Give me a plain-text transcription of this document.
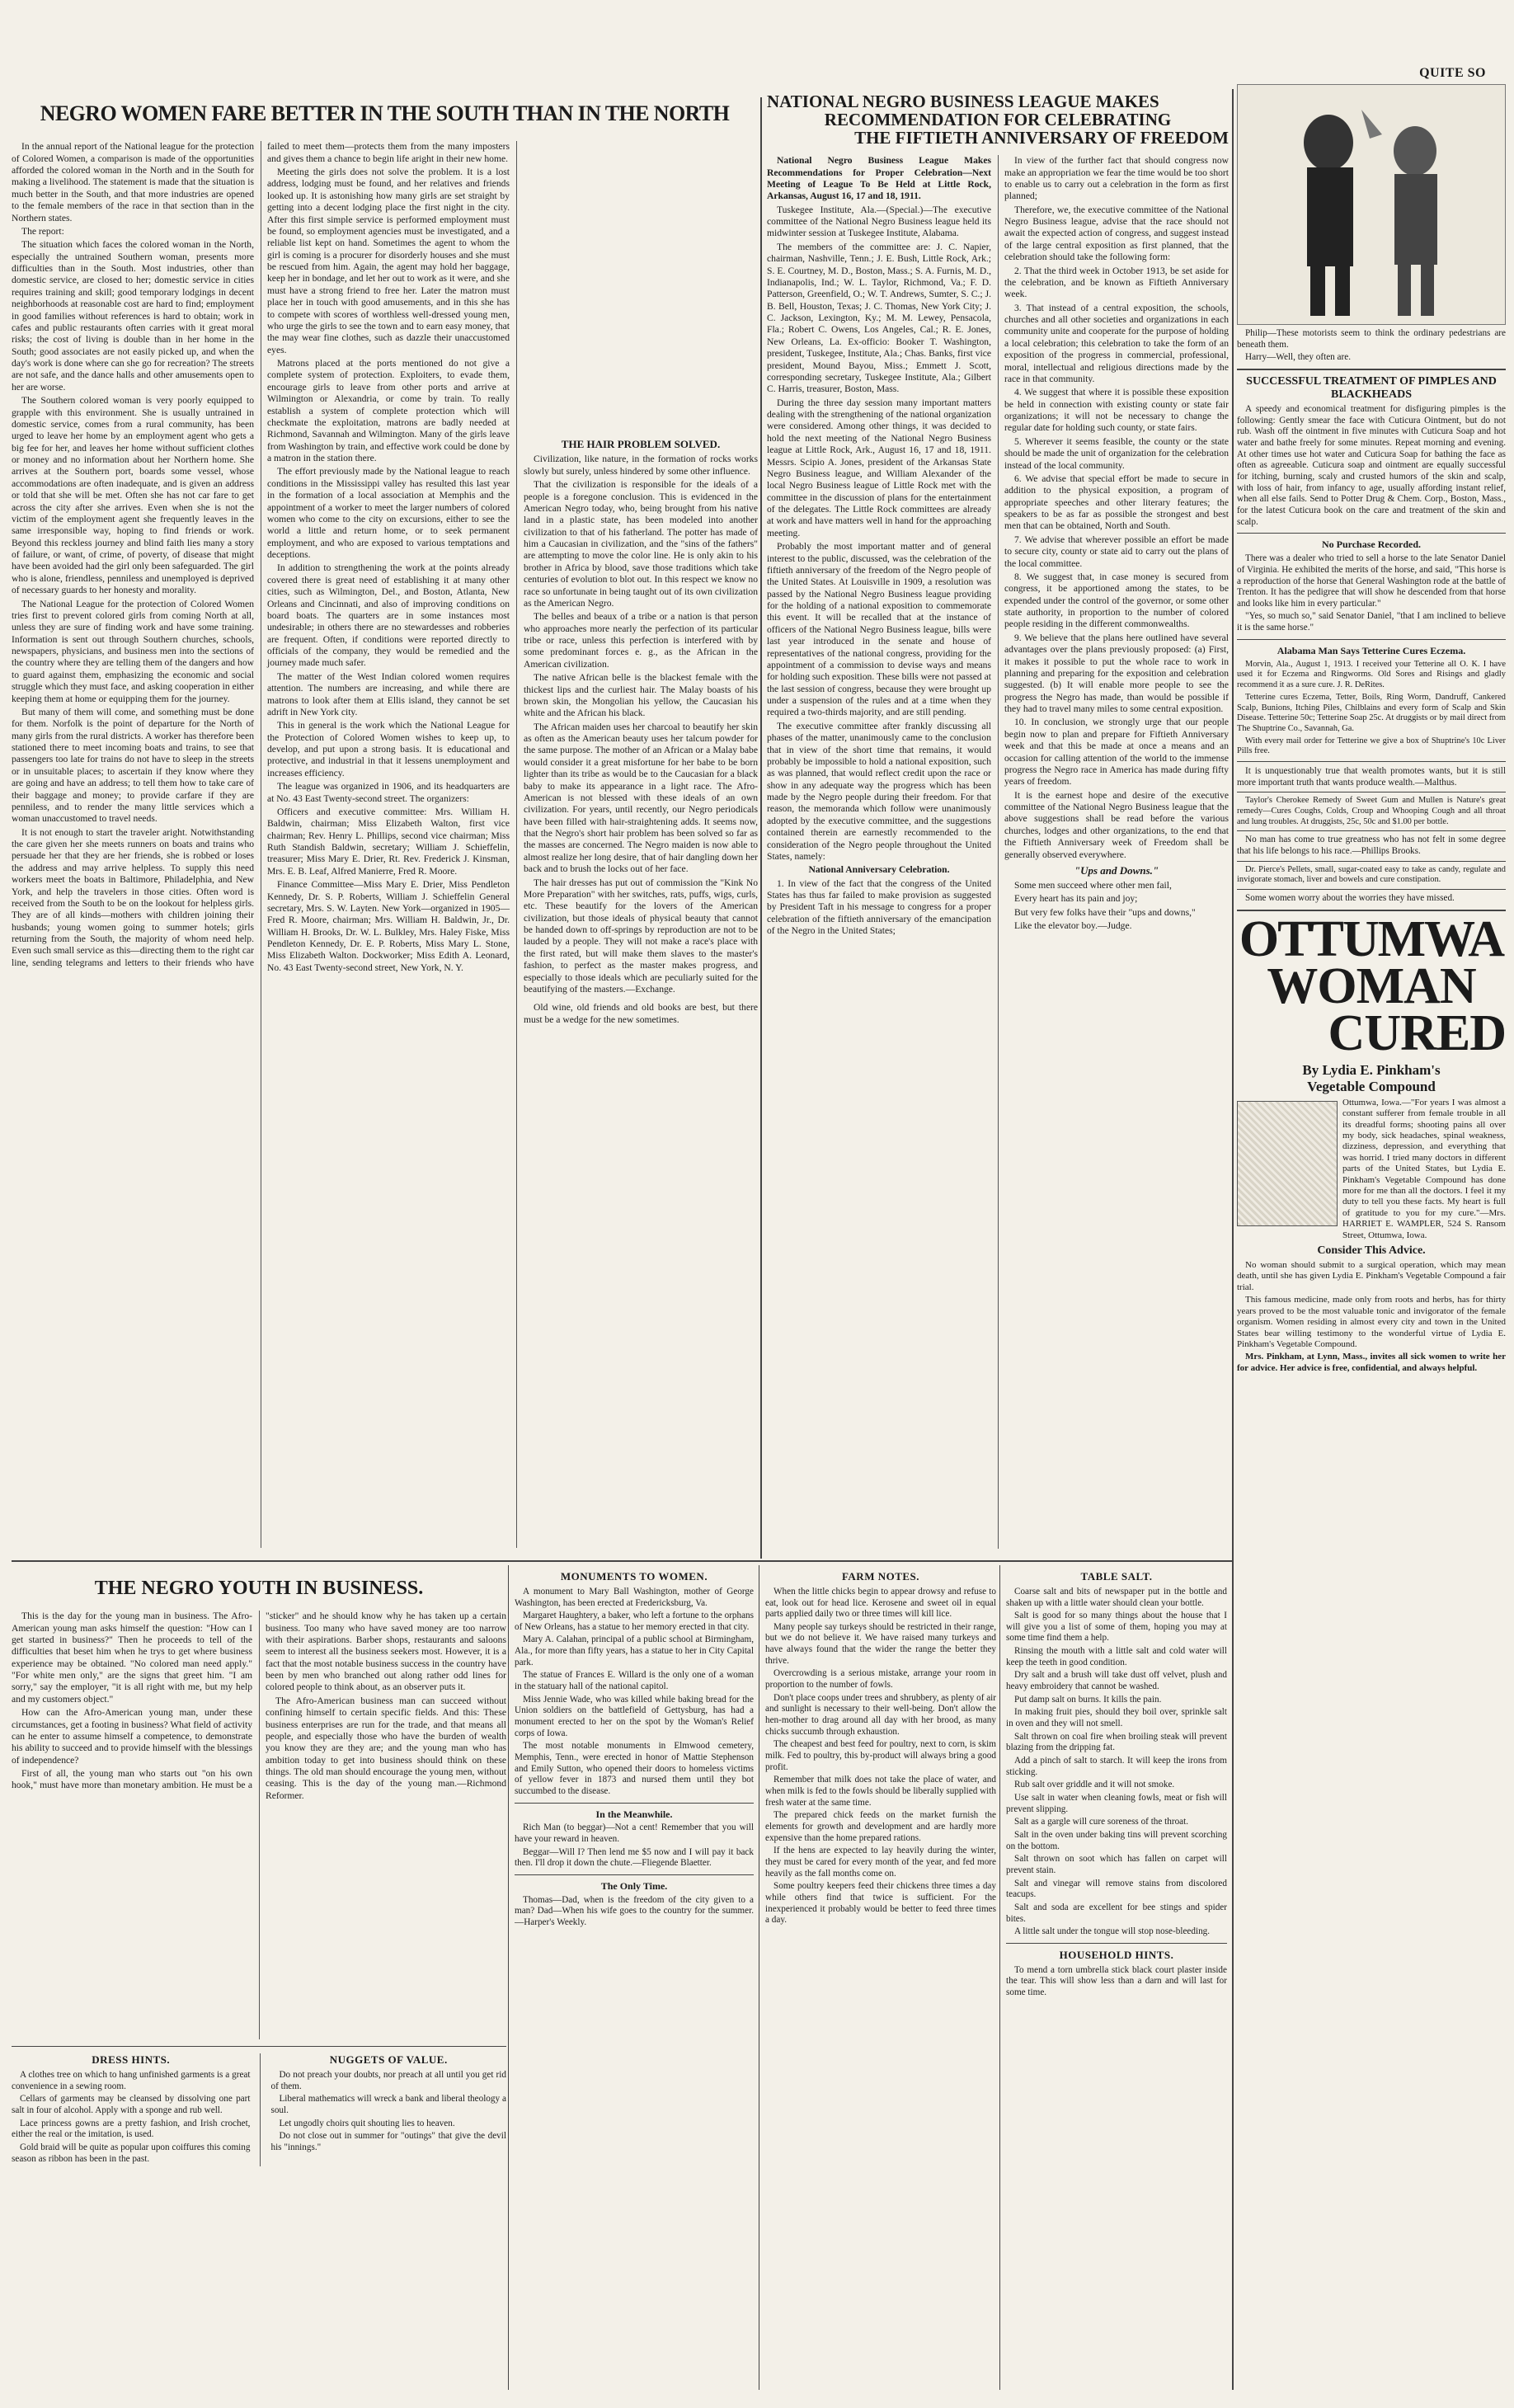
NEGRO WOMEN FARE BETTER IN THE SOUTH THAN IN THE NORTH

In the annual report of the National league for the protection of Colored Women, a comparison is made of the opportunities afforded the colored woman in the North and in the South for making a livelihood. The statement is made that the situation is much better in the South, and that more industries are opened to the female members of the race in that section than in the Northern states.

The report:

The situation which faces the colored woman in the North, especially the untrained Southern woman, presents more difficulties than in the South. Most industries, other than domestic service, are closed to her; domestic service in cities requires training and skill; good temporary lodgings in decent neighborhoods at reasonable cost are hard to find; employment in good families without references is hard to obtain; work in cafes and public restaurants often carries with it great moral risks; the cost of living is double than in her home in the South; good associates are not easily picked up, and when the day's work is done where can she go for recreation? The streets are not safe, and the dance halls and other amusements open to her are worse.

The Southern colored woman is very poorly equipped to grapple with this environment. She is usually untrained in domestic service, comes from a rural community, has been urged to leave her home by an employment agent who gets a big fee for her, and leaves her home without sufficient clothes or money and no information about her Northern home. She arrives at the Southern port, boards some vessel, whose accommodations are often inadequate, and is given an address or told that she will be met. Often she has not car fare to get across the city after she arrives. Even when she is not the victim of the employment agent she frequently leaves in the same irresponsible way, hoping to find friends or work. Beyond this reckless journey and blind faith lies many a story of failure, or want, of crime, of poverty, of disease that might have been avoided had the girl only been safeguarded. The girl who is alone, friendless, penniless and unemployed is deprived of necessary guards to her honesty and morality.

The National League for the protection of Colored Women tries first to prevent colored girls from coming North at all, unless they are sure of finding work and have some training. Information is sent out through Southern churches, schools, newspapers, physicians, and business men into the sections of the country where they are telling them of the dangers and how to guard against them, emphasizing the economic and social struggle which they must face, and asking cooperation in either keeping them at home or equipping them for the journey.

But many of them will come, and something must be done for them. Norfolk is the point of departure for the North of many girls from the rural districts. A worker has therefore been stationed there to meet incoming boats and trains, to see that passengers too late for trains do not have to sleep in the streets or in unsuitable places; to ascertain if they know where they are going and have an address; to tell them how to take care of their baggage and money; to provide carfare if they are penniless, and to render the many little services which a woman unaccustomed to travel needs.

It is not enough to start the traveler aright. Notwithstanding the care given her she meets runners on boats and trains who persuade her that they are her friends, she is robbed or loses the address and may arrive helpless. To supply this need workers meet the boats in Baltimore, Philadelphia, and New York, and help the travelers in those cities. Often word is received from the South to be on the lookout for helpless girls. They are of all kinds—mothers with children joining their husbands; young women going to summer hotels; girls returning from the South, the majority of whom need help. Even such small service as this—directing them to the right car line, sending telegrams and letters to their friends who have failed to meet them—protects them from the many imposters and gives them a chance to begin life aright in their new home.

Meeting the girls does not solve the problem. It is a lost address, lodging must be found, and her relatives and friends looked up. It is astonishing how many girls are set straight by getting into a decent lodging place the first night in the city. After this first simple service is performed employment must be found, so employment agencies must be investigated, and a reliable list kept on hand. Sometimes the agent to whom the girl is coming is a procurer for disorderly houses and she must be rescued from him. Again, the agent may hold her baggage, keep her in bondage, and let her out to work as it were, and she must have a strong friend to free her. Later the matron must place her in touch with good amusements, and in this she has to compete with scores of worthless well-dressed young men, who urge the girls to see the town and to earn easy money, that the may wear fine clothes, such as dazzle their unaccustomed eyes.

Matrons placed at the ports mentioned do not give a complete system of protection. Exploiters, to evade them, encourage girls to leave from other ports and arrive at Wilmington or Alexandria, or come by train. To really establish a system of complete protection which will checkmate the exploitation, matrons are badly needed at Richmond, Savannah and Wilmington. Many of the girls leave from Washington by train, and effective work could be done by a matron in the station there.

The effort previously made by the National league to reach conditions in the Mississippi valley has resulted this last year in the formation of a local association at Memphis and the appointment of a worker to meet the larger numbers of colored women who come to the city on excursions, either to see the world a little and return home, or to seek permanent employment, and who are exposed to various temptations and deceptions.

In addition to strengthening the work at the points already covered there is great need of establishing it at many other cities, such as Wilmington, Del., and Boston, Atlanta, New Orleans and Cincinnati, and also of improving conditions on board boats. The quarters are in some instances most undesirable; in others there are no stewardesses and robberies are frequent. Often, if conditions were reported directly to officials of the company, they would be remedied and the journey made much safer.

The matter of the West Indian colored women requires attention. The numbers are increasing, and while there are matrons to look after them at Ellis island, they cannot be set adrift in New York city.

This in general is the work which the National League for the Protection of Colored Women wishes to keep up, to develop, and put upon a strong basis. It is educational and protective, and industrial in that it lessens unemployment and increases efficiency.

The league was organized in 1906, and its headquarters are at No. 43 East Twenty-second street. The organizers:

Officers and executive committee: Mrs. William H. Baldwin, chairman; Miss Elizabeth Walton, first vice chairman; Rev. Henry L. Phillips, second vice chairman; Miss Ruth Standish Baldwin, secretary; William J. Schieffelin, treasurer; Miss Mary E. Drier, Rt. Rev. Frederick J. Kinsman, Mrs. E. B. Leaf, Alfred Manierre, Fred R. Moore.

Finance Committee—Miss Mary E. Drier, Miss Pendleton Kennedy, Dr. S. P. Roberts, William J. Schieffelin General secretary, Mrs. S. W. Layten. New York—organized in 1905—Fred R. Moore, chairman; Mrs. William H. Baldwin, Jr., Dr. William H. Brooks, Dr. W. L. Bulkley, Mrs. Haley Fiske, Miss Pendleton Kennedy, Dr. E. P. Roberts, Miss Mary L. Stone, Miss Elizabeth Walton. Dockworker; Miss Edith A. Leonard, No. 43 East Twenty-second street, New York, N. Y.

THE HAIR PROBLEM SOLVED.

Civilization, like nature, in the formation of rocks works slowly but surely, unless hindered by some other influence.

That the civilization is responsible for the ideals of a people is a foregone conclusion. This is evidenced in the American Negro today, who, being brought from his native land in a plastic state, has been modeled into another civilization to that of his fatherland. The potter has made of him a Caucasian in civilization, and the "sins of the fathers" are attempting to move the color line. He is only akin to his brother in Africa by blood, save those traditions which take centuries of evolution to blot out. In this respect we know no race so unfortunate in being taught out of its own civilization as the American Negro.

The belles and beaux of a tribe or a nation is that person who approaches more nearly the perfection of its particular tribe or race, unless this perfection is interfered with by some predominant forces e. g., as the African in the American civilization.

The native African belle is the blackest female with the thickest lips and the curliest hair. The Malay boasts of his brown skin, the Mongolian his yellow, the Caucasian his white and the African his black.

The African maiden uses her charcoal to beautify her skin as often as the American beauty uses her talcum powder for the same purpose. The mother of an African or a Malay babe would consider it a great misfortune for her babe to be born lighter than its tribe as would be to the Caucasian for a black baby to make its appearance in a light race. The Afro-American is not blessed with these ideals of an own civilization. For years, until recently, our Negro periodicals have been filled with hair-straightening adds. It seems now, that the Negro's short hair problem has been solved so far as the masses are concerned. The Negro maiden is now able to almost realize her long desire, that of hair dangling down her back and to brush the locks out of her face.

The hair dresses has put out of commission the "Kink No More Preparation" with her switches, rats, puffs, wigs, curls, etc. These beautify for the lovers of the American civilization, but those ideals of physical beauty that cannot be handed down to off-springs by reproduction are not to be lauded by a people. They will not make a race's place with the first rated, but will make them slaves to the master's fashion, to perfect as the master makes progress, and especially to those ideals which are peculiarly suited for the beautifying of the masters.—Exchange.

Old wine, old friends and old books are best, but there must be a wedge for the new sometimes.

NATIONAL NEGRO BUSINESS LEAGUE MAKES
RECOMMENDATION FOR CELEBRATING
THE FIFTIETH ANNIVERSARY OF FREEDOM

National Negro Business League Makes Recommendations for Proper Celebration—Next Meeting of League To Be Held at Little Rock, Arkansas, August 16, 17 and 18, 1911.

Tuskegee Institute, Ala.—(Special.)—The executive committee of the National Negro Business league held its midwinter session at Tuskegee Institute, Alabama.

The members of the committee are: J. C. Napier, chairman, Nashville, Tenn.; J. E. Bush, Little Rock, Ark.; S. E. Courtney, M. D., Boston, Mass.; S. A. Furnis, M. D., Indianapolis, Ind.; W. L. Taylor, Richmond, Va.; F. D. Patterson, Greenfield, O.; W. T. Andrews, Sumter, S. C.; J. B. Bell, Houston, Texas; J. C. Thomas, New York City; J. C. Jackson, Lexington, Ky.; M. M. Lewey, Pensacola, Fla.; Robert C. Owens, Los Angeles, Cal.; R. E. Jones, New Orleans, La. Ex-officio: Booker T. Washington, president, Tuskegee, Institute, Ala.; Chas. Banks, first vice president, Mound Bayou, Miss.; Emmett J. Scott, corresponding secretary, Tuskegee Institute, Ala.; Gilbert C. Harris, treasurer, Boston, Mass.

During the three day session many important matters dealing with the strengthening of the national organization were considered. Among other things, it was decided to hold the next meeting of the National Negro Business league at Little Rock, Ark., August 16, 17 and 18, 1911. Messrs. Scipio A. Jones, president of the Arkansas State Negro Business league, and William Alexander of the local Negro Business league of Little Rock met with the committee in the discussion of plans for the entertainment of the delegates. The Little Rock committees are already at work and have matters well in hand for the approaching meeting.

Probably the most important matter and of general interest to the public, discussed, was the celebration of the fiftieth anniversary of the freedom of the Negro people of the United States. At Louisville in 1909, a resolution was passed by the National Negro Business league providing for the holding of a national exposition to commemorate this event. It will be recalled that at the instance of officers of the National Negro Business league, bills were last year introduced in the senate and house of representatives of the national congress, providing for the appointment of a commission to devise ways and means for holding such exposition. These bills were not passed at the last session of congress, because they were brought up under a suspension of the rules and at a time when they required a two-thirds majority, and are still pending.

The executive committee after frankly discussing all phases of the matter, unanimously came to the conclusion that in view of the short time that remains, it would probably be impossible to hold a national exposition, such as was planned, that would reflect credit upon the race or show in any adequate way the progress which has been made by the Negro people during their freedom. For that reason, the memoranda which follow were unanimously adopted by the executive committee, and the suggestions contained therein are earnestly recommended to the consideration of the Negro people throughout the United States, namely:

National Anniversary Celebration.

1. In view of the fact that the congress of the United States has thus far failed to make provision as suggested by President Taft in his message to congress for a proper celebration of the fiftieth anniversary of the emancipation of the Negro in the United States;

In view of the further fact that should congress now make an appropriation we fear the time would be too short to enable us to carry out a celebration in the form as first planned;

Therefore, we, the executive committee of the National Negro Business league, advise that the race should not await the expected action of congress, and suggest instead of the large central exposition as first planned, that the celebration should take the following form:

2. That the third week in October 1913, be set aside for the celebration, and be known as Fiftieth Anniversary week.

3. That instead of a central exposition, the schools, churches and all other societies and organizations in each community unite and cooperate for the purpose of holding a local celebration; this celebration to take the form of an exposition of the progress in commercial, professional, moral, intellectual and religious directions made by the race in that community.

4. We suggest that where it is possible these exposition be held in connection with existing county or state fair organizations; it will not be necessary to change the regular date for holding such county, or state fairs.

5. Wherever it seems feasible, the county or the state should be made the unit of organization for the celebration instead of the local community.

6. We advise that special effort be made to secure in addition to the physical exposition, a program of appropriate speeches and other literary features; the speakers to be as far as possible the strongest and best men that can be obtained, North and South.

7. We advise that wherever possible an effort be made to secure city, county or state aid to carry out the plans of the local committee.

8. We suggest that, in case money is secured from congress, it be apportioned among the states, to be expended under the control of the governor, or some other state authority, in proportion to the number of colored people residing in the different commonwealths.

9. We believe that the plans here outlined have several advantages over the plans previously proposed: (a) First, it makes it possible to put the whole race to work in planning and preparing for the exposition and celebration suggested. (b) It will enable more people to see the progress the Negro has made, than would be possible if they had to travel many miles to some central exposition.

10. In conclusion, we strongly urge that our people begin now to plan and prepare for Fiftieth Anniversary week and that this be made at once a means and an occasion for calling attention of the world to the immense progress the Negro race in America has made during fifty years of freedom.

It is the earnest hope and desire of the executive committee of the National Negro Business league that the above suggestions shall be read before the various churches, lodges and other organizations, to the end that the Fiftieth Anniversary week of Freedom shall be generally observed everywhere.

"Ups and Downs."

Some men succeed where other men fail,

Every heart has its pain and joy;

But very few folks have their "ups and downs,"

Like the elevator boy.—Judge.

QUITE SO

Philip—These motorists seem to think the ordinary pedestrians are beneath them.

Harry—Well, they often are.

SUCCESSFUL TREATMENT OF PIMPLES AND BLACKHEADS

A speedy and economical treatment for disfiguring pimples is the following: Gently smear the face with Cuticura Ointment, but do not rub. Wash off the ointment in five minutes with Cuticura Soap and hot water and bathe freely for some minutes. Repeat morning and evening. At other times use hot water and Cuticura Soap for bathing the face as often as agreeable. Cuticura soap and ointment are equally successful for itching, burning, scaly and crusted humors of the skin and scalp, with loss of hair, from infancy to age, usually affording instant relief, when all else fails. Send to Potter Drug & Chem. Corp., Boston, Mass., for the latest Cuticura book on the care and treatment of the skin and scalp.

No Purchase Recorded.

There was a dealer who tried to sell a horse to the late Senator Daniel of Virginia. He exhibited the merits of the horse, and said, "This horse is a reproduction of the horse that General Washington rode at the battle of Trenton. It has the pedigree that will show he descended from that horse and looks like him in every particular."

"Yes, so much so," said Senator Daniel, "that I am inclined to believe it is the same horse."

Alabama Man Says Tetterine Cures Eczema.

Morvin, Ala., August 1, 1913. I received your Tetterine all O. K. I have used it for Eczema and Ringworms. Old Sores and Risings and gladly recommend it as a sure cure. J. R. DeRites.

Tetterine cures Eczema, Tetter, Boils, Ring Worm, Dandruff, Cankered Scalp, Bunions, Itching Piles, Chilblains and every form of Scalp and Skin Disease. Tetterine 50c; Tetterine Soap 25c. At druggists or by mail direct from The Shuptrine Co., Savannah, Ga.

With every mail order for Tetterine we give a box of Shuptrine's 10c Liver Pills free.

It is unquestionably true that wealth promotes wants, but it is still more important truth that wants produce wealth.—Malthus.

Taylor's Cherokee Remedy of Sweet Gum and Mullen is Nature's great remedy—Cures Coughs, Colds, Croup and Whooping Cough and all throat and lung troubles. At druggists, 25c, 50c and $1.00 per bottle.

No man has come to true greatness who has not felt in some degree that his life belongs to his race.—Phillips Brooks.

Dr. Pierce's Pellets, small, sugar-coated easy to take as candy, regulate and invigorate stomach, liver and bowels and cure constipation.

Some women worry about the worries they have missed.

OTTUMWA
WOMAN
CURED
By Lydia E. Pinkham's
Vegetable Compound
Ottumwa, Iowa.—"For years I was almost a constant sufferer from female trouble in all its dreadful forms; shooting pains all over my body, sick headaches, spinal weakness, dizziness, depression, and everything that was horrid. I tried many doctors in different parts of the United States, but Lydia E. Pinkham's Vegetable Compound has done more for me than all the doctors. I feel it my duty to tell you these facts. My heart is full of gratitude to you for my cure."—Mrs. HARRIET E. WAMPLER, 524 S. Ransom Street, Ottumwa, Iowa.
Consider This Advice.

No woman should submit to a surgical operation, which may mean death, until she has given Lydia E. Pinkham's Vegetable Compound a fair trial.

This famous medicine, made only from roots and herbs, has for thirty years proved to be the most valuable tonic and invigorator of the female organism. Women residing in almost every city and town in the United States bear willing testimony to the wonderful virtue of Lydia E. Pinkham's Vegetable Compound.

Mrs. Pinkham, at Lynn, Mass., invites all sick women to write her for advice. Her advice is free, confidential, and always helpful.

THE NEGRO YOUTH IN BUSINESS.

This is the day for the young man in business. The Afro-American young man asks himself the question: "How can I get started in business?" Then he proceeds to tell of the difficulties that beset him when he trys to get where business experience may be obtained. "No colored man need apply." "For white men only," are the signs that greet him. "I am sorry," say the employer, "it is all right with me, but my help and my customers object."

How can the Afro-American young man, under these circumstances, get a footing in business? What field of activity can he enter to assume himself a competence, to demonstrate his ability to succeed and to provide himself with the blessings of independence?

First of all, the young man who starts out "on his own hook," must have more than monetary ambition. He must be a "sticker" and he should know why he has taken up a certain business. Too many who have saved money are too narrow with their aspirations. Barber shops, restaurants and saloons seem to interest all the business seekers most. However, it is a fact that the most notable business success in the country have been by men who branched out along rather odd lines for colored people to think about, as an observer puts it.

The Afro-American business man can succeed without confining himself to certain specific fields. And this: These business enterprises are run for the trade, and that means all people, and especially those who have the burden of wealth you know they are they are; and the young man who has ambition today to get into business should think on these things. The old man should encourage the young men, without ceasing. This is the day of the young man.—Richmond Reformer.

DRESS HINTS.

A clothes tree on which to hang unfinished garments is a great convenience in a sewing room.

Cellars of garments may be cleansed by dissolving one part salt in four of alcohol. Apply with a sponge and rub well.

Lace princess gowns are a pretty fashion, and Irish crochet, either the real or the imitation, is used.

Gold braid will be quite as popular upon coiffures this coming season as ribbon has been in the past.

NUGGETS OF VALUE.

Do not preach your doubts, nor preach at all until you get rid of them.

Liberal mathematics will wreck a bank and liberal theology a soul.

Let ungodly choirs quit shouting lies to heaven.

Do not close out in summer for "outings" that give the devil his "innings."

MONUMENTS TO WOMEN.

A monument to Mary Ball Washington, mother of George Washington, has been erected at Fredericksburg, Va.

Margaret Haughtery, a baker, who left a fortune to the orphans of New Orleans, has a statue to her memory erected in that city.

Mary A. Calahan, principal of a public school at Birmingham, Ala., for more than fifty years, has a statue to her in City Capital park.

The statue of Frances E. Willard is the only one of a woman in the statuary hall of the national capitol.

Miss Jennie Wade, who was killed while baking bread for the Union soldiers on the battlefield of Gettysburg, has had a monument erected to her on the spot by the Woman's Relief corps of Iowa.

The most notable monuments in Elmwood cemetery, Memphis, Tenn., were erected in honor of Mattie Stephenson and Emily Sutton, who opened their doors to homeless victims of yellow fever in 1873 and nursed them until they bot succumbed to the disease.

In the Meanwhile.

Rich Man (to beggar)—Not a cent! Remember that you will have your reward in heaven.

Beggar—Will I? Then lend me $5 now and I will pay it back then. I'll drop it down the chute.—Fliegende Blaetter.

The Only Time.

Thomas—Dad, when is the freedom of the city given to a man? Dad—When his wife goes to the country for the summer.—Harper's Weekly.

FARM NOTES.

When the little chicks begin to appear drowsy and refuse to eat, look out for head lice. Kerosene and sweet oil in equal parts applied daily two or three times will kill lice.

Many people say turkeys should be restricted in their range, but we do not believe it. We have raised many turkeys and have always found that the wider the range the better they thrive.

Overcrowding is a serious mistake, arrange your room in proportion to the number of fowls.

Don't place coops under trees and shrubbery, as plenty of air and sunlight is necessary to their well-being. Don't allow the hen-mother to drag around all day with her brood, as many chicks succumb through exhaustion.

The cheapest and best feed for poultry, next to corn, is skim milk. Fed to poultry, this by-product will always bring a good profit.

Remember that milk does not take the place of water, and when milk is fed to the fowls should be liberally supplied with fresh water at the same time.

The prepared chick feeds on the market furnish the elements for growth and development and are hardly more expensive than the home prepared rations.

If the hens are expected to lay heavily during the winter, they must be cared for every month of the year, and fed more heavily as the fall months come on.

Some poultry keepers feed their chickens three times a day while others find that twice is sufficient. For the inexperienced it probably would be better to feed three times a day.

TABLE SALT.

Coarse salt and bits of newspaper put in the bottle and shaken up with a little water should clean your bottle.

Salt is good for so many things about the house that I will give you a list of some of them, hoping you may at some time find them a help.

Rinsing the mouth with a little salt and cold water will keep the teeth in good condition.

Dry salt and a brush will take dust off velvet, plush and heavy embroidery that cannot be washed.

Put damp salt on burns. It kills the pain.

In making fruit pies, should they boil over, sprinkle salt in oven and they will not smell.

Salt thrown on coal fire when broiling steak will prevent blazing from the dripping fat.

Add a pinch of salt to starch. It will keep the irons from sticking.

Rub salt over griddle and it will not smoke.

Use salt in water when cleaning fowls, meat or fish will prevent slipping.

Salt as a gargle will cure soreness of the throat.

Salt in the oven under baking tins will prevent scorching on the bottom.

Salt thrown on soot which has fallen on carpet will prevent stain.

Salt and vinegar will remove stains from discolored teacups.

Salt and soda are excellent for bee stings and spider bites.

A little salt under the tongue will stop nose-bleeding.

HOUSEHOLD HINTS.

To mend a torn umbrella stick black court plaster inside the tear. This will show less than a darn and will last for some time.
